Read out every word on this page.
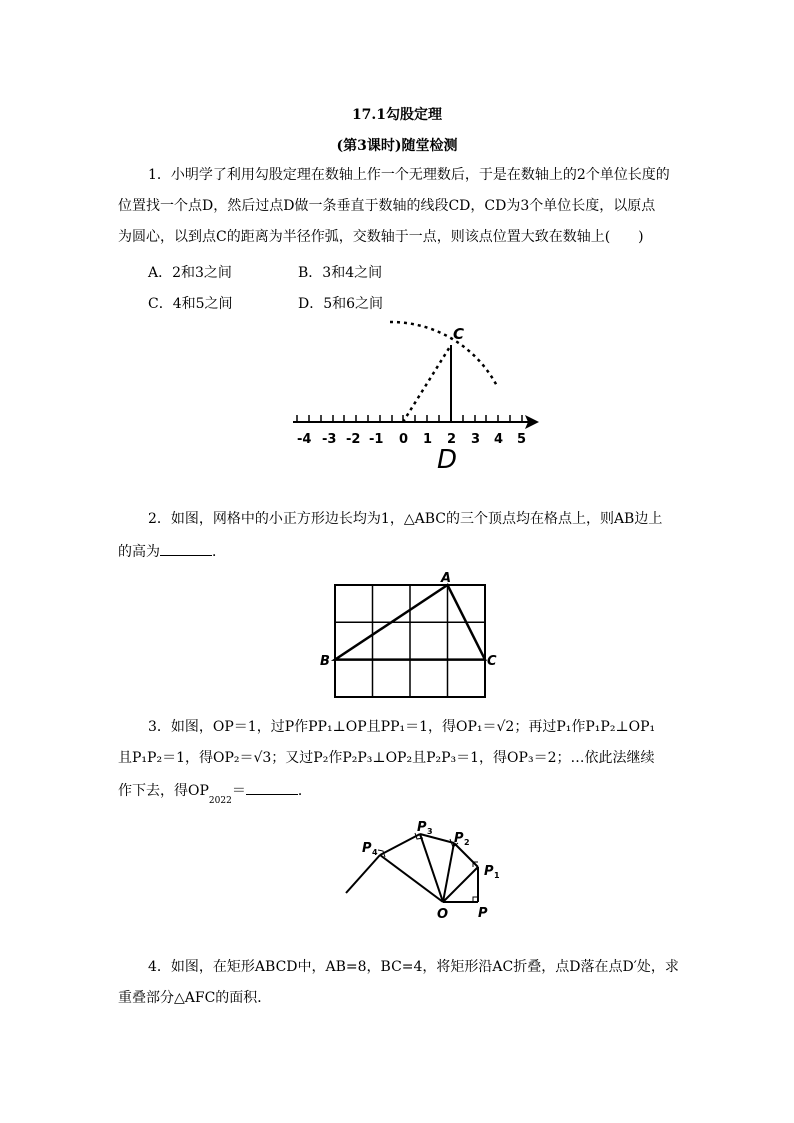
17.1勾股定理
(第3课时)随堂检测
1．小明学了利用勾股定理在数轴上作一个无理数后，于是在数轴上的2个单位长度的
位置找一个点D，然后过点D做一条垂直于数轴的线段CD，CD为3个单位长度，以原点
为圆心，以到点C的距离为半径作弧，交数轴于一点，则该点位置大致在数轴上(　　)
A．2和3之间	B．3和4之间
C．4和5之间	D．5和6之间
-4 -3 -2 -1 0 1 2 3 4 5
C
D
2．如图，网格中的小正方形边长均为1，△ABC的三个顶点均在格点上，则AB边上
的高为	．
A
B	C
3．如图，OP＝1，过P作PP₁⊥OP且PP₁＝1，得OP₁＝√2；再过P₁作P₁P₂⊥OP₁
且P₁P₂＝1，得OP₂＝√3；又过P₂作P₂P₃⊥OP₂且P₂P₃＝1，得OP₃＝2；…依此法继续
作下去，得$OP_{2022}=$	．
O P
P 1
P 2
P 3
P 4
4．如图，在矩形ABCD中，AB=8，BC=4，将矩形沿AC折叠，点D落在点D′处，求
重叠部分△AFC的面积．
